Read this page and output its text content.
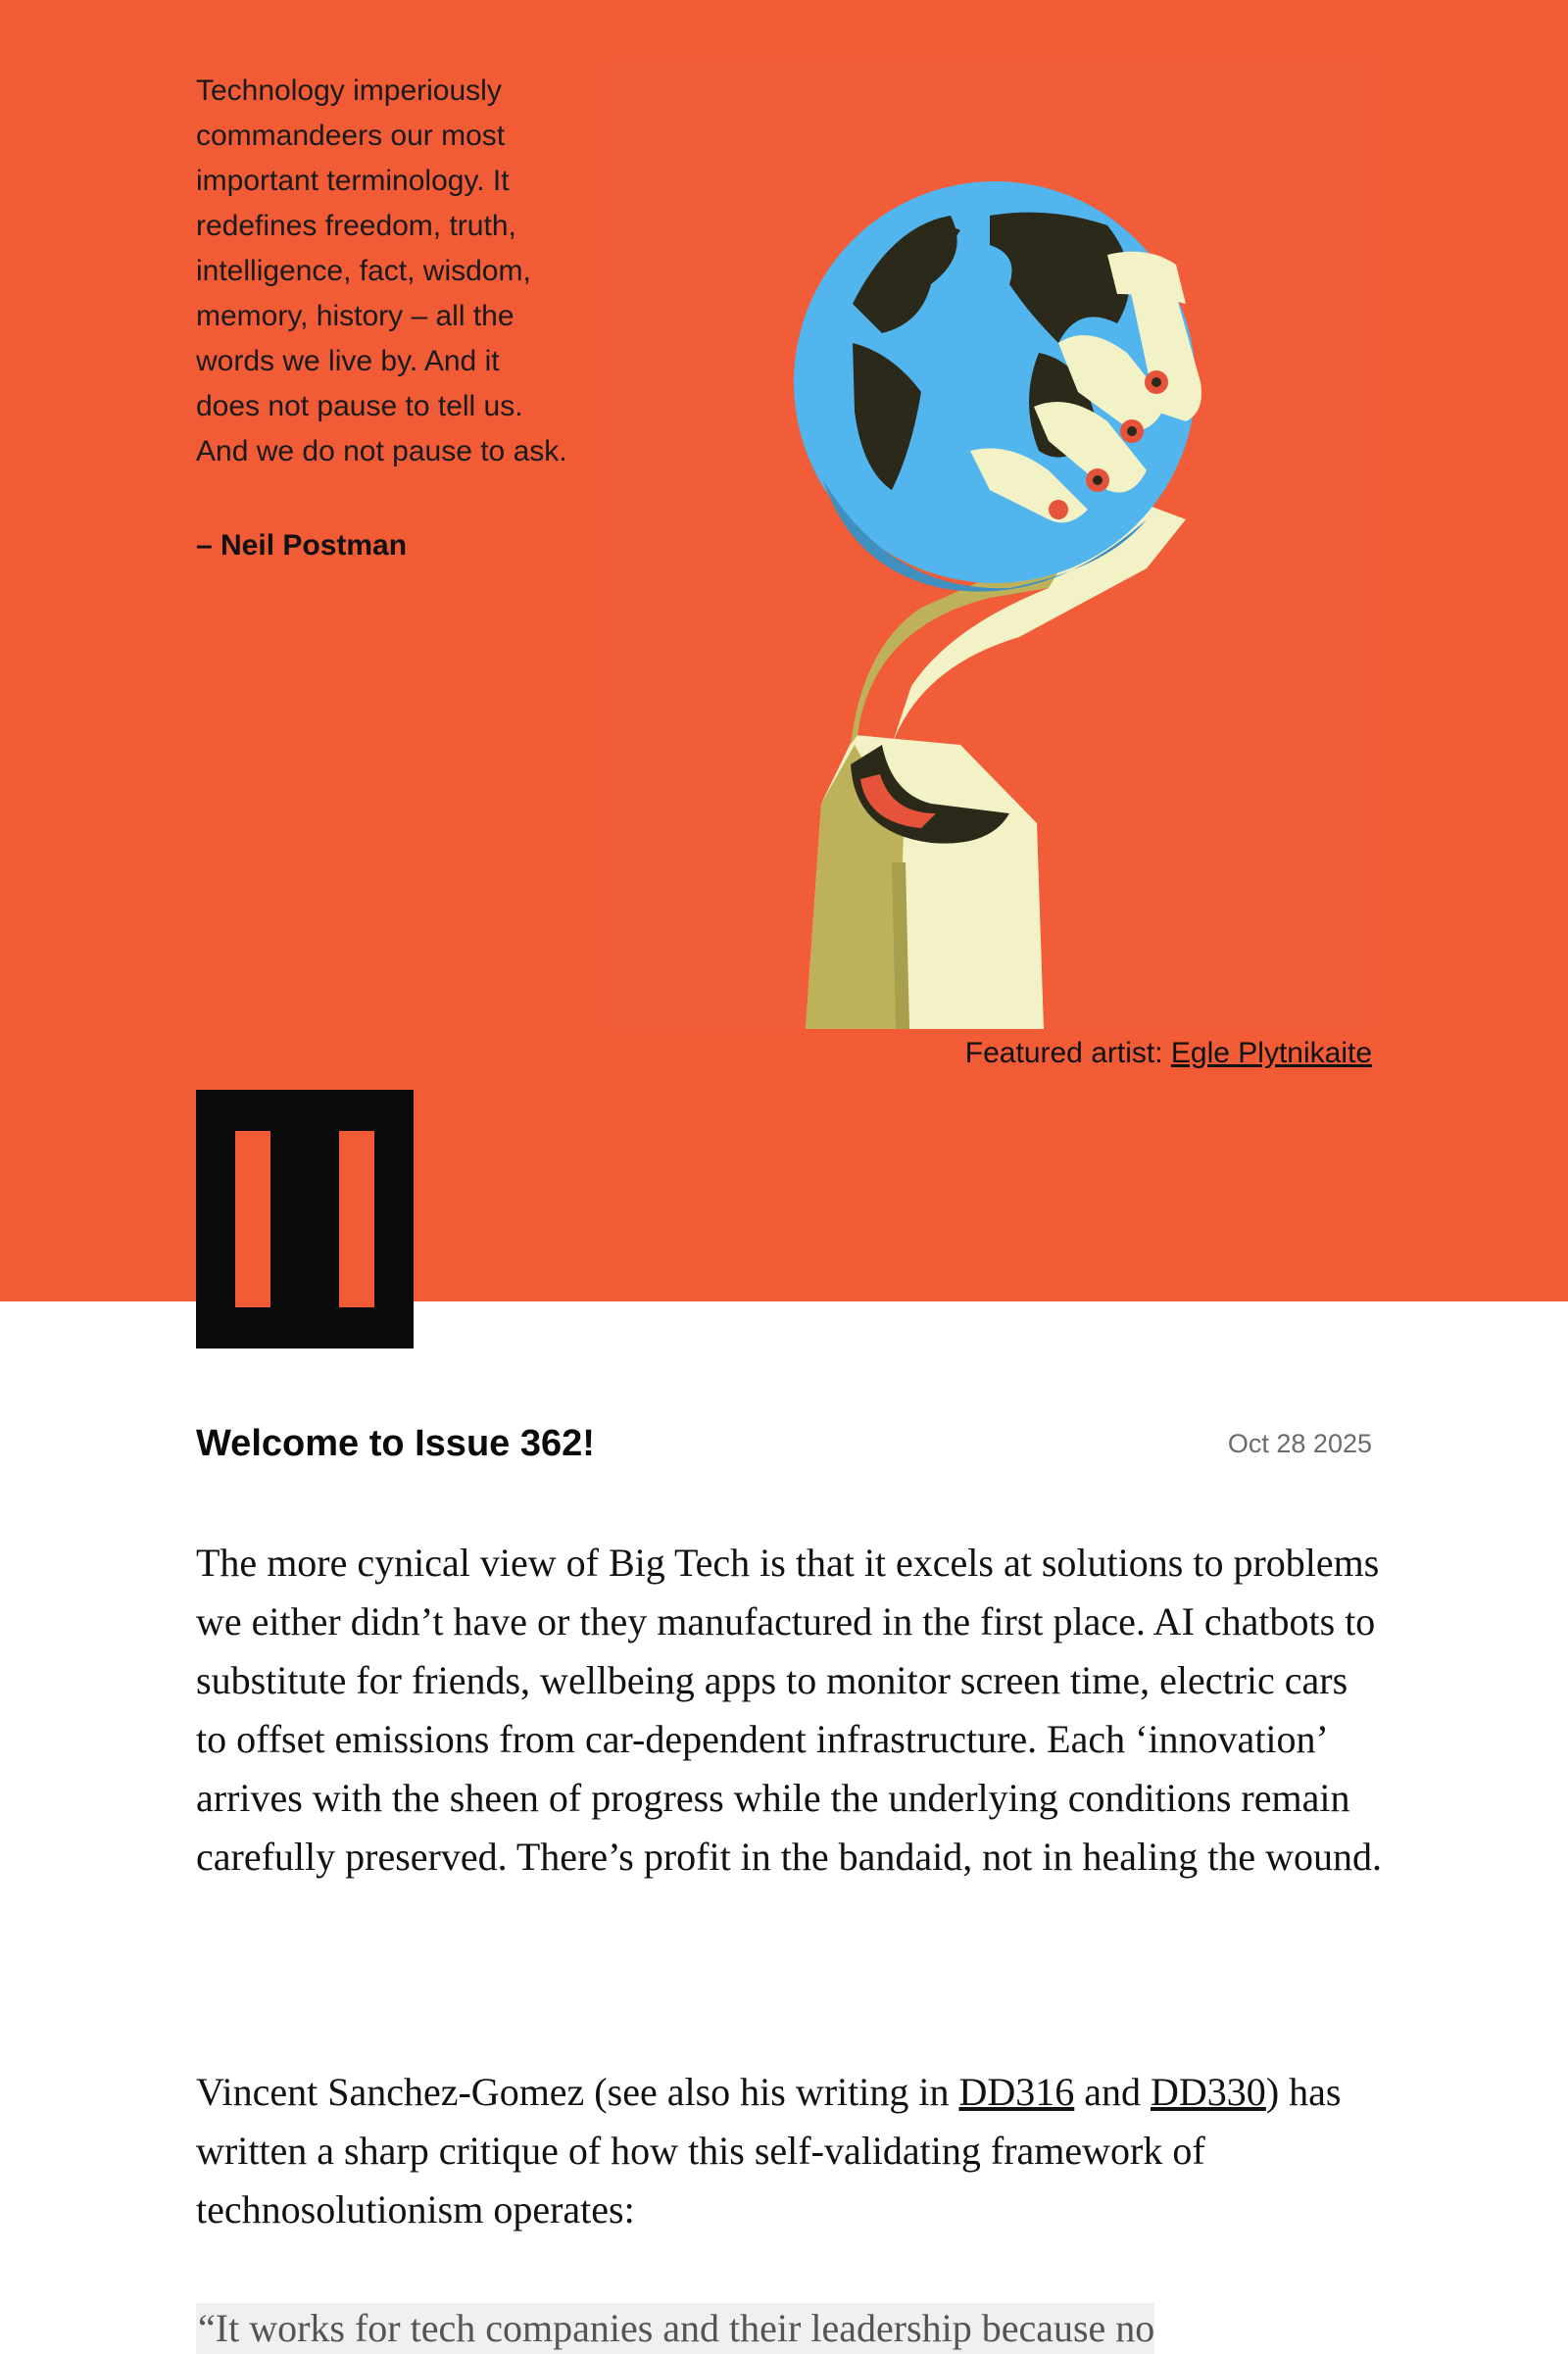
Technology imperiously commandeers our most important terminology. It redefines freedom, truth, intelligence, fact, wisdom, memory, history – all the words we live by. And it does not pause to tell us. And we do not pause to ask.
– Neil Postman
Featured artist: Egle Plytnikaite
Welcome to Issue 362!	Oct 28 2025

The more cynical view of Big Tech is that it excels at solutions to problems we either didn’t have or they manufactured in the first place. AI chatbots to substitute for friends, wellbeing apps to monitor screen time, electric cars to offset emissions from car-dependent infrastructure. Each ‘innovation’ arrives with the sheen of progress while the underlying conditions remain carefully preserved. There’s profit in the bandaid, not in healing the wound.

Vincent Sanchez-Gomez (see also his writing in DD316 and DD330) has written a sharp critique of how this self-validating framework of technosolutionism operates:

“It works for tech companies and their leadership because no
